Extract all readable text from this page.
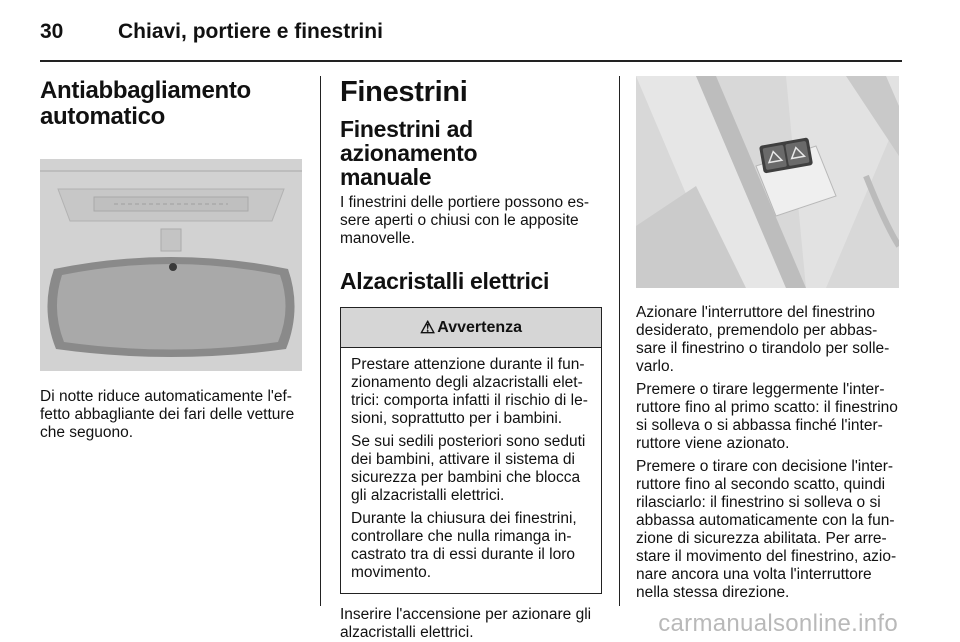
30	Chiavi, portiere e finestrini
Antiabbagliamento
automatico

Di notte riduce automaticamente l'ef-fetto abbagliante dei fari delle vetture che seguono.

Finestrini
Finestrini ad azionamento
manuale

I finestrini delle portiere possono es-sere aperti o chiusi con le apposite manovelle.

Alzacristalli elettrici
⚠ Avvertenza

Prestare attenzione durante il fun-zionamento degli alzacristalli elet-trici: comporta infatti il rischio di le-sioni, soprattutto per i bambini.

Se sui sedili posteriori sono seduti dei bambini, attivare il sistema di sicurezza per bambini che blocca gli alzacristalli elettrici.

Durante la chiusura dei finestrini, controllare che nulla rimanga in-castrato tra di essi durante il loro movimento.

Inserire l'accensione per azionare gli alzacristalli elettrici.

Azionare l'interruttore del finestrino desiderato, premendolo per abbas-sare il finestrino o tirandolo per solle-varlo.

Premere o tirare leggermente l'inter-ruttore fino al primo scatto: il finestrino si solleva o si abbassa finché l'inter-ruttore viene azionato.

Premere o tirare con decisione l'inter-ruttore fino al secondo scatto, quindi rilasciarlo: il finestrino si solleva o si abbassa automaticamente con la fun-zione di sicurezza abilitata. Per arre-stare il movimento del finestrino, azio-nare ancora una volta l'interruttore nella stessa direzione.

carmanualsonline.info
